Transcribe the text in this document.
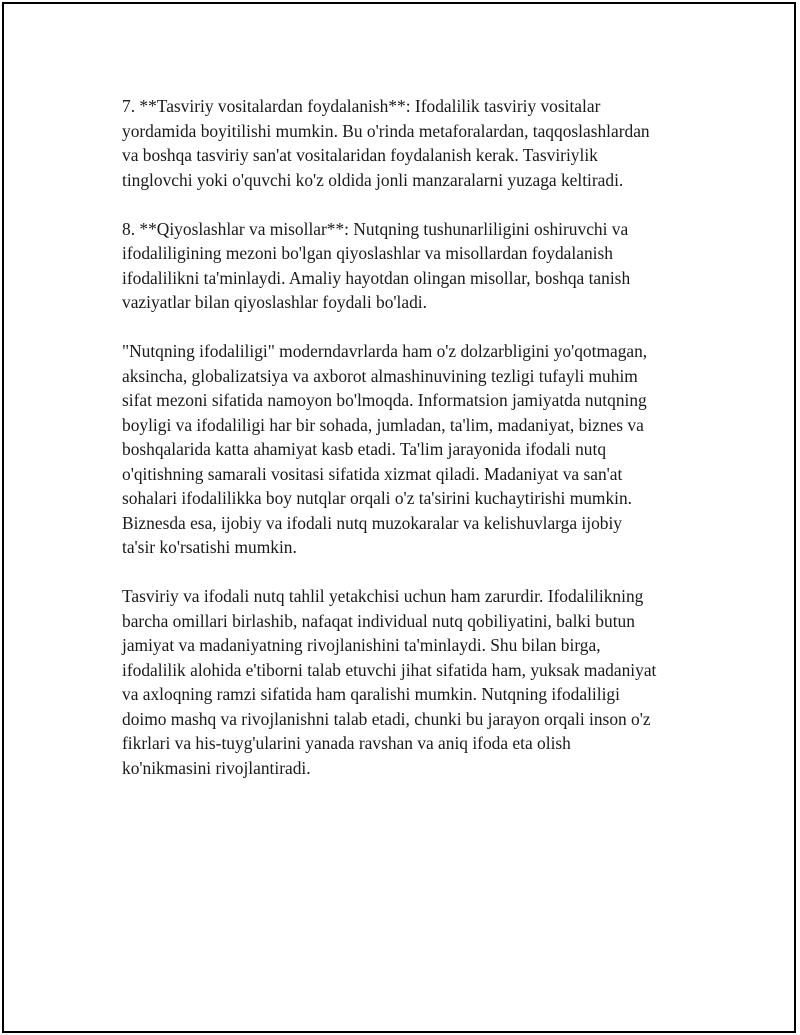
7. **Tasviriy vositalardan foydalanish**: Ifodalilik tasviriy vositalar
yordamida boyitilishi mumkin. Bu o'rinda metaforalardan, taqqoslashlardan
va boshqa tasviriy san'at vositalaridan foydalanish kerak. Tasviriylik
tinglovchi yoki o'quvchi ko'z oldida jonli manzaralarni yuzaga keltiradi.

8. **Qiyoslashlar va misollar**: Nutqning tushunarliligini oshiruvchi va
ifodaliligining mezoni bo'lgan qiyoslashlar va misollardan foydalanish
ifodalilikni ta'minlaydi. Amaliy hayotdan olingan misollar, boshqa tanish
vaziyatlar bilan qiyoslashlar foydali bo'ladi.

"Nutqning ifodaliligi" moderndavrlarda ham o'z dolzarbligini yo'qotmagan,
aksincha, globalizatsiya va axborot almashinuvining tezligi tufayli muhim
sifat mezoni sifatida namoyon bo'lmoqda. Informatsion jamiyatda nutqning
boyligi va ifodaliligi har bir sohada, jumladan, ta'lim, madaniyat, biznes va
boshqalarida katta ahamiyat kasb etadi. Ta'lim jarayonida ifodali nutq
o'qitishning samarali vositasi sifatida xizmat qiladi. Madaniyat va san'at
sohalari ifodalilikka boy nutqlar orqali o'z ta'sirini kuchaytirishi mumkin.
Biznesda esa, ijobiy va ifodali nutq muzokaralar va kelishuvlarga ijobiy
ta'sir ko'rsatishi mumkin.

Tasviriy va ifodali nutq tahlil yetakchisi uchun ham zarurdir. Ifodalilikning
barcha omillari birlashib, nafaqat individual nutq qobiliyatini, balki butun
jamiyat va madaniyatning rivojlanishini ta'minlaydi. Shu bilan birga,
ifodalilik alohida e'tiborni talab etuvchi jihat sifatida ham, yuksak madaniyat
va axloqning ramzi sifatida ham qaralishi mumkin. Nutqning ifodaliligi
doimo mashq va rivojlanishni talab etadi, chunki bu jarayon orqali inson o'z
fikrlari va his-tuyg'ularini yanada ravshan va aniq ifoda eta olish
ko'nikmasini rivojlantiradi.
